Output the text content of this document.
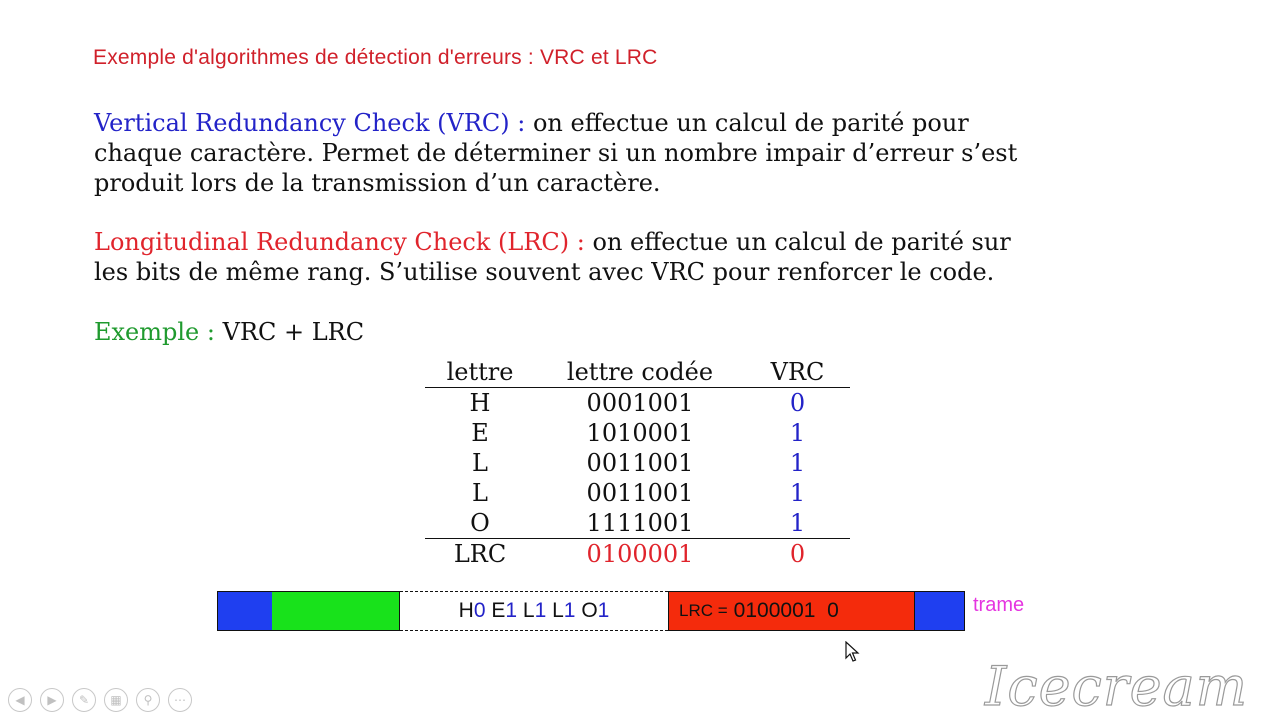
Exemple d'algorithmes de détection d'erreurs : VRC et LRC
Vertical Redundancy Check (VRC) : on effectue un calcul de parité pour
chaque caractère. Permet de déterminer si un nombre impair d’erreur s’est
produit lors de la transmission d’un caractère.
Longitudinal Redundancy Check (LRC) : on effectue un calcul de parité sur
les bits de même rang. S’utilise souvent avec VRC pour renforcer le code.
Exemple : VRC + LRC
lettre	lettre codée	VRC
H	0001001	0
E	1010001	1
L	0011001	1
L	0011001	1
O	1111001	1
LRC	0100001	0
H0
E1
L1
L1
O1	LRC = 0100001  0	trame
◀	▶	✎	▦	⚲	⋯	Icecream
